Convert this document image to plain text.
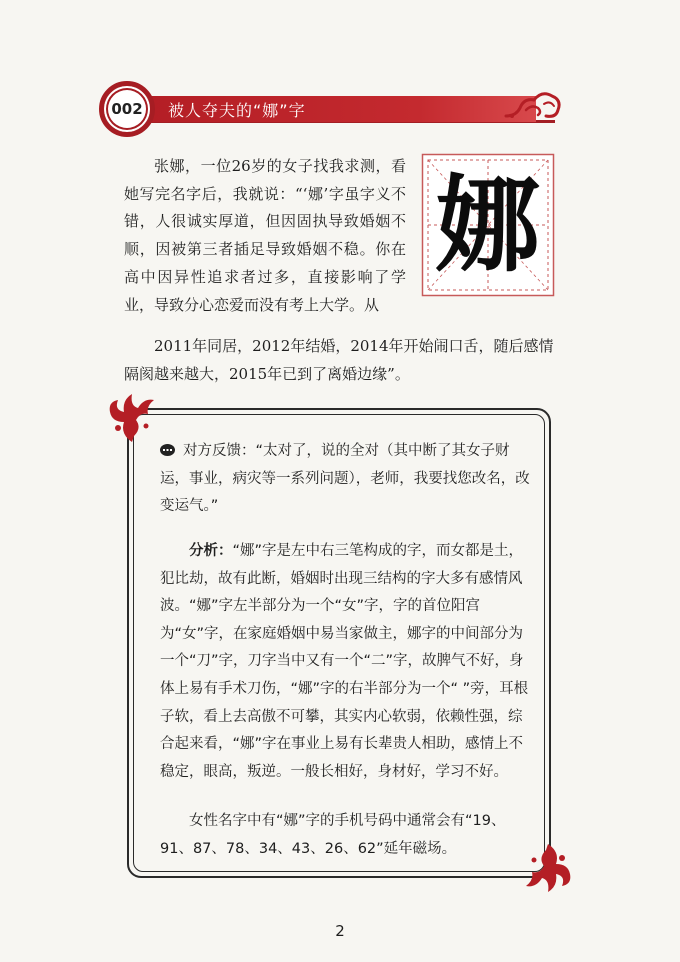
被人夺夫的“娜”字
002

张娜，一位26岁的女子找我求测，看她写完名字后，我就说：“‘娜’字虽字义不错，人很诚实厚道，但因固执导致婚姻不顺，因被第三者插足导致婚姻不稳。你在高中因异性追求者过多，直接影响了学业，导致分心恋爱而没有考上大学。从

2011年同居，2012年结婚，2014年开始闹口舌，随后感情隔阂越来越大，2015年已到了离婚边缘”。

娜

对方反馈：“太对了，说的全对（其中断了其女子财运，事业，病灾等一系列问题），老师，我要找您改名，改变运气。”

分析：“娜”字是左中右三笔构成的字，而女都是土，犯比劫，故有此断，婚姻时出现三结构的字大多有感情风波。“娜”字左半部分为一个“女”字，字的首位阳宫为“女”字，在家庭婚姻中易当家做主，娜字的中间部分为一个“刀”字，刀字当中又有一个“二”字，故脾气不好，身体上易有手术刀伤，“娜”字的右半部分为一个“ ”旁，耳根子软，看上去高傲不可攀，其实内心软弱，依赖性强，综合起来看，“娜”字在事业上易有长辈贵人相助，感情上不稳定，眼高，叛逆。一般长相好，身材好，学习不好。

女性名字中有“娜”字的手机号码中通常会有“19、91、87、78、34、43、26、62”延年磁场。

2
